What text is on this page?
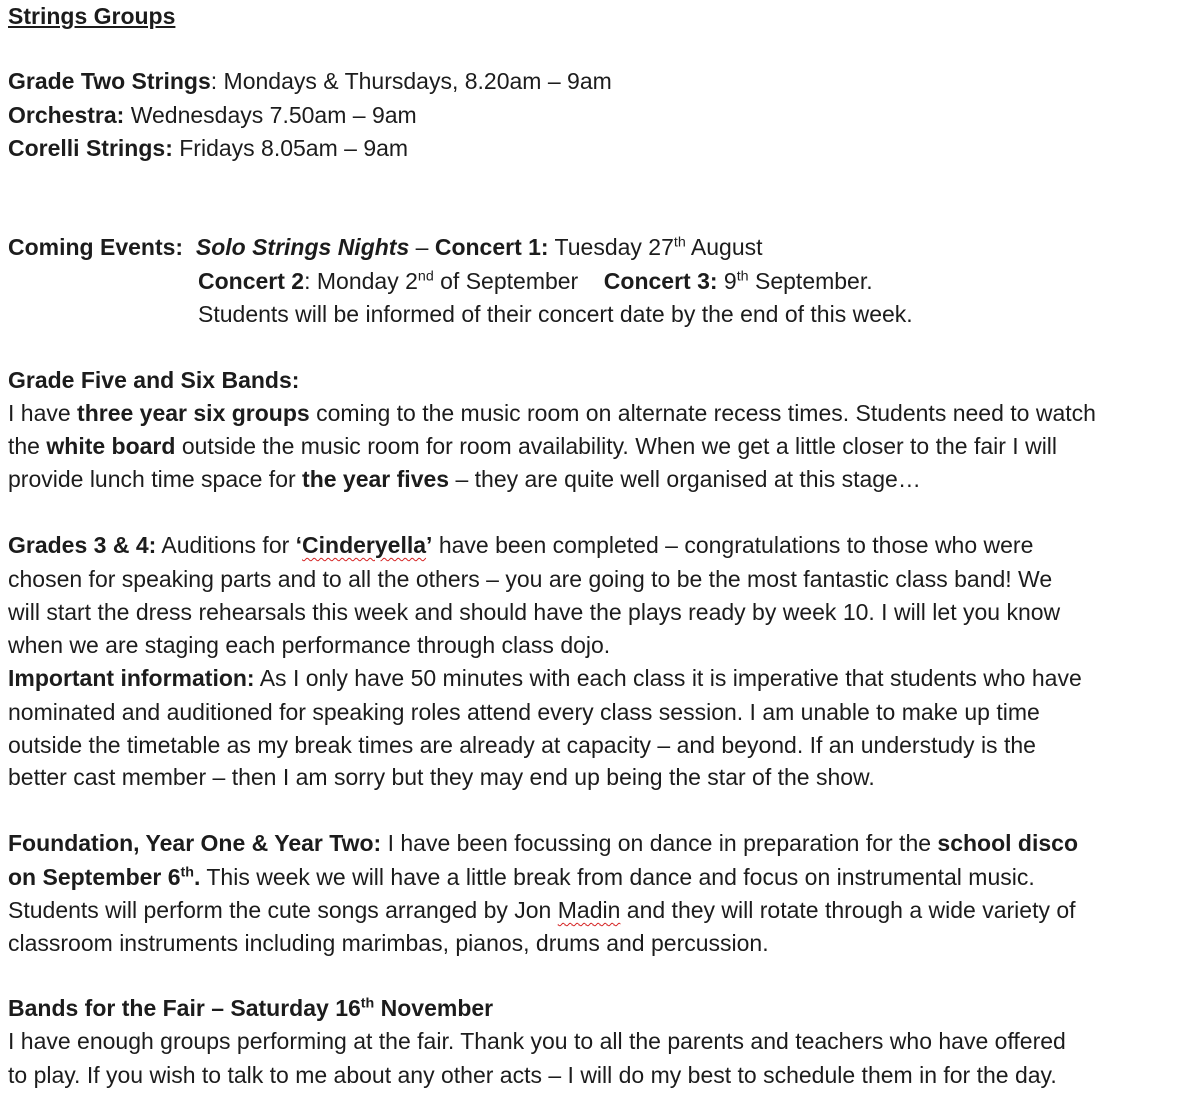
Strings Groups
Grade Two Strings: Mondays & Thursdays, 8.20am – 9am
Orchestra: Wednesdays 7.50am – 9am
Corelli Strings: Fridays 8.05am – 9am
Coming Events: Solo Strings Nights – Concert 1: Tuesday 27th August
Concert 2: Monday 2nd of September Concert 3: 9th September.
Students will be informed of their concert date by the end of this week.
Grade Five and Six Bands:
I have three year six groups coming to the music room on alternate recess times. Students need to watch
the white board outside the music room for room availability. When we get a little closer to the fair I will
provide lunch time space for the year fives – they are quite well organised at this stage…
Grades 3 & 4: Auditions for ‘Cinderyella’ have been completed – congratulations to those who were
chosen for speaking parts and to all the others – you are going to be the most fantastic class band! We
will start the dress rehearsals this week and should have the plays ready by week 10. I will let you know
when we are staging each performance through class dojo.
Important information: As I only have 50 minutes with each class it is imperative that students who have
nominated and auditioned for speaking roles attend every class session. I am unable to make up time
outside the timetable as my break times are already at capacity – and beyond. If an understudy is the
better cast member – then I am sorry but they may end up being the star of the show.
Foundation, Year One & Year Two: I have been focussing on dance in preparation for the school disco
on September 6th. This week we will have a little break from dance and focus on instrumental music.
Students will perform the cute songs arranged by Jon Madin and they will rotate through a wide variety of
classroom instruments including marimbas, pianos, drums and percussion.
Bands for the Fair – Saturday 16th November
I have enough groups performing at the fair. Thank you to all the parents and teachers who have offered
to play. If you wish to talk to me about any other acts – I will do my best to schedule them in for the day.
